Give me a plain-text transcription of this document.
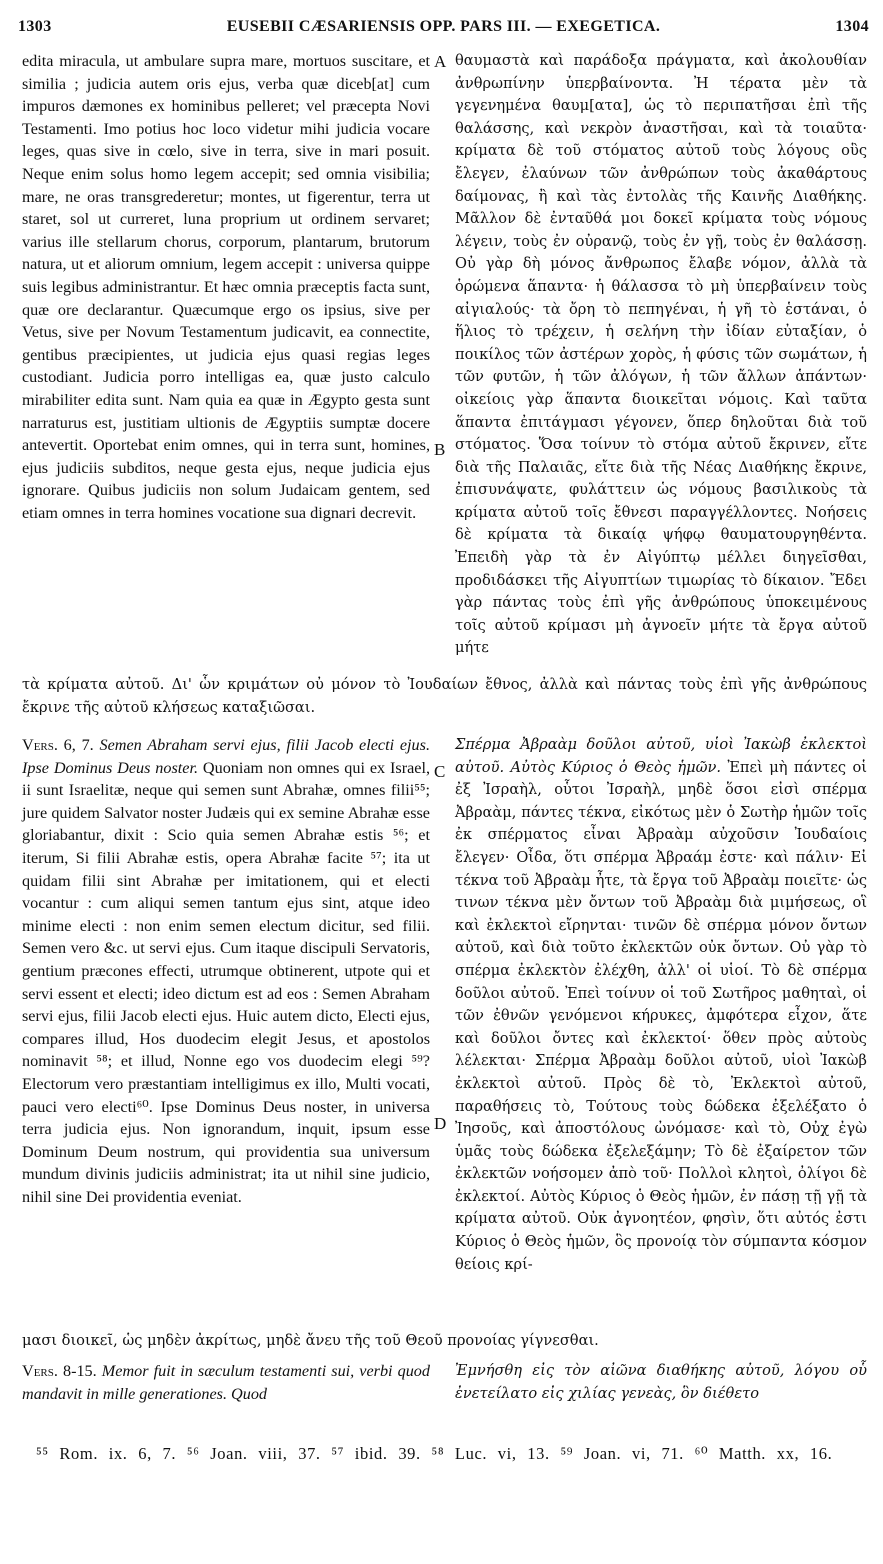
1303	EUSEBII CÆSARIENSIS OPP. PARS III. — EXEGETICA.	1304

edita miracula, ut ambulare supra mare, mortuos suscitare, et similia ; judicia autem oris ejus, verba quæ diceb[at] cum impuros dæmones ex hominibus pelleret; vel præcepta Novi Testamenti. Imo potius hoc loco videtur mihi judicia vocare leges, quas sive in cœlo, sive in terra, sive in mari posuit. Neque enim solus homo legem accepit; sed omnia visibilia; mare, ne oras transgrederetur; montes, ut figerentur, terra ut staret, sol ut curreret, luna proprium ut ordinem servaret; varius ille stellarum chorus, corporum, plantarum, brutorum natura, ut et aliorum omnium, legem accepit : universa quippe suis legibus administrantur. Et hæc omnia præceptis facta sunt, quæ ore declarantur. Quæcumque ergo os ipsius, sive per Vetus, sive per Novum Testamentum judicavit, ea connectite, gentibus præcipientes, ut judicia ejus quasi regias leges custodiant. Judicia porro intelligas ea, quæ justo calculo mirabiliter edita sunt. Nam quia ea quæ in Ægypto gesta sunt narraturus est, justitiam ultionis de Ægyptiis sumptæ docere antevertit. Oportebat enim omnes, qui in terra sunt, homines, ejus judiciis subditos, neque gesta ejus, neque judicia ejus ignorare. Quibus judiciis non solum Judaicam gentem, sed etiam omnes in terra homines vocatione sua dignari decrevit.

θαυμαστὰ καὶ παράδοξα πράγματα, καὶ ἀκολουθίαν ἀνθρωπίνην ὑπερβαίνοντα. Ἠ τέρατα μὲν τὰ γεγενημένα θαυμ[ατα], ὡς τὸ περιπατῆσαι ἐπὶ τῆς θαλάσσης, καὶ νεκρὸν ἀναστῆσαι, καὶ τὰ τοιαῦτα· κρίματα δὲ τοῦ στόματος αὐτοῦ τοὺς λόγους οὓς ἔλεγεν, ἐλαύνων τῶν ἀνθρώπων τοὺς ἀκαθάρτους δαίμονας, ἢ καὶ τὰς ἐντολὰς τῆς Καινῆς Διαθήκης. Μᾶλλον δὲ ἐνταῦθά μοι δοκεῖ κρίματα τοὺς νόμους λέγειν, τοὺς ἐν οὐρανῷ, τοὺς ἐν γῇ, τοὺς ἐν θαλάσσῃ. Οὐ γὰρ δὴ μόνος ἄνθρωπος ἔλαβε νόμον, ἀλλὰ τὰ ὁρώμενα ἅπαντα· ἡ θάλασσα τὸ μὴ ὑπερβαίνειν τοὺς αἰγιαλούς· τὰ ὄρη τὸ πεπηγέναι, ἡ γῆ τὸ ἑστάναι, ὁ ἥλιος τὸ τρέχειν, ἡ σελήνη τὴν ἰδίαν εὐταξίαν, ὁ ποικίλος τῶν ἀστέρων χορὸς, ἡ φύσις τῶν σωμάτων, ἡ τῶν φυτῶν, ἡ τῶν ἀλόγων, ἡ τῶν ἄλλων ἁπάντων· οἰκείοις γὰρ ἅπαντα διοικεῖται νόμοις. Καὶ ταῦτα ἅπαντα ἐπιτάγμασι γέγονεν, ὅπερ δηλοῦται διὰ τοῦ στόματος. Ὅσα τοίνυν τὸ στόμα αὐτοῦ ἔκρινεν, εἴτε διὰ τῆς Παλαιᾶς, εἴτε διὰ τῆς Νέας Διαθήκης ἔκρινε, ἐπισυνάψατε, φυλάττειν ὡς νόμους βασιλικοὺς τὰ κρίματα αὐτοῦ τοῖς ἔθνεσι παραγγέλλοντες. Νοήσεις δὲ κρίματα τὰ δικαίᾳ ψήφῳ θαυματουργηθέντα. Ἐπειδὴ γὰρ τὰ ἐν Αἰγύπτῳ μέλλει διηγεῖσθαι, προδιδάσκει τῆς Αἰγυπτίων τιμωρίας τὸ δίκαιον. Ἔδει γὰρ πάντας τοὺς ἐπὶ γῆς ἀνθρώπους ὑποκειμένους τοῖς αὐτοῦ κρίμασι μὴ ἀγνοεῖν μήτε τὰ ἔργα αὐτοῦ μήτε

A
B

τὰ κρίματα αὐτοῦ. Δι' ὧν κριμάτων οὐ μόνον τὸ Ἰουδαίων ἔθνος, ἀλλὰ καὶ πάντας τοὺς ἐπὶ γῆς ἀνθρώπους ἔκρινε τῆς αὐτοῦ κλήσεως καταξιῶσαι.

Vers. 6, 7. Semen Abraham servi ejus, filii Jacob electi ejus. Ipse Dominus Deus noster. Quoniam non omnes qui ex Israel, ii sunt Israelitæ, neque qui semen sunt Abrahæ, omnes filii⁵⁵; jure quidem Salvator noster Judæis qui ex semine Abrahæ esse gloriabantur, dixit : Scio quia semen Abrahæ estis ⁵⁶; et iterum, Si filii Abrahæ estis, opera Abrahæ facite ⁵⁷; ita ut quidam filii sint Abrahæ per imitationem, qui et electi vocantur : cum aliqui semen tantum ejus sint, atque ideo minime electi : non enim semen electum dicitur, sed filii. Semen vero &c. ut servi ejus. Cum itaque discipuli Servatoris, gentium præcones effecti, utrumque obtinerent, utpote qui et servi essent et electi; ideo dictum est ad eos : Semen Abraham servi ejus, filii Jacob electi ejus. Huic autem dicto, Electi ejus, compares illud, Hos duodecim elegit Jesus, et apostolos nominavit ⁵⁸; et illud, Nonne ego vos duodecim elegi ⁵⁹? Electorum vero præstantiam intelligimus ex illo, Multi vocati, pauci vero electi⁶⁰. Ipse Dominus Deus noster, in universa terra judicia ejus. Non ignorandum, inquit, ipsum esse Dominum Deum nostrum, qui providentia sua universum mundum divinis judiciis administrat; ita ut nihil sine judicio, nihil sine Dei providentia eveniat.

Σπέρμα Ἀβραὰμ δοῦλοι αὐτοῦ, υἱοὶ Ἰακὼβ ἐκλεκτοὶ αὐτοῦ. Αὐτὸς Κύριος ὁ Θεὸς ἡμῶν. Ἐπεὶ μὴ πάντες οἱ ἐξ Ἰσραὴλ, οὗτοι Ἰσραὴλ, μηδὲ ὅσοι εἰσὶ σπέρμα Ἀβραὰμ, πάντες τέκνα, εἰκότως μὲν ὁ Σωτὴρ ἡμῶν τοῖς ἐκ σπέρματος εἶναι Ἀβραὰμ αὐχοῦσιν Ἰουδαίοις ἔλεγεν· Οἶδα, ὅτι σπέρμα Ἀβραάμ ἐστε· καὶ πάλιν· Εἰ τέκνα τοῦ Ἀβραὰμ ἦτε, τὰ ἔργα τοῦ Ἀβραὰμ ποιεῖτε· ὡς τινων τέκνα μὲν ὄντων τοῦ Ἀβραὰμ διὰ μιμήσεως, οἳ καὶ ἐκλεκτοὶ εἴρηνται· τινῶν δὲ σπέρμα μόνον ὄντων αὐτοῦ, καὶ διὰ τοῦτο ἐκλεκτῶν οὐκ ὄντων. Οὐ γὰρ τὸ σπέρμα ἐκλεκτὸν ἐλέχθη, ἀλλ' οἱ υἱοί. Τὸ δὲ σπέρμα δοῦλοι αὐτοῦ. Ἐπεὶ τοίνυν οἱ τοῦ Σωτῆρος μαθηταὶ, οἱ τῶν ἐθνῶν γενόμενοι κήρυκες, ἀμφότερα εἶχον, ἅτε καὶ δοῦλοι ὄντες καὶ ἐκλεκτοί· ὅθεν πρὸς αὐτοὺς λέλεκται· Σπέρμα Ἀβραὰμ δοῦλοι αὐτοῦ, υἱοὶ Ἰακὼβ ἐκλεκτοὶ αὐτοῦ. Πρὸς δὲ τὸ, Ἐκλεκτοὶ αὐτοῦ, παραθήσεις τὸ, Τούτους τοὺς δώδεκα ἐξελέξατο ὁ Ἰησοῦς, καὶ ἀποστόλους ὠνόμασε· καὶ τὸ, Οὐχ ἐγὼ ὑμᾶς τοὺς δώδεκα ἐξελεξάμην; Τὸ δὲ ἐξαίρετον τῶν ἐκλεκτῶν νοήσομεν ἀπὸ τοῦ· Πολλοὶ κλητοὶ, ὀλίγοι δὲ ἐκλεκτοί. Αὐτὸς Κύριος ὁ Θεὸς ἡμῶν, ἐν πάσῃ τῇ γῇ τὰ κρίματα αὐτοῦ. Οὐκ ἀγνοητέον, φησὶν, ὅτι αὐτός ἐστι Κύριος ὁ Θεὸς ἡμῶν, ὃς προνοίᾳ τὸν σύμπαντα κόσμον θείοις κρί-

C
D

μασι διοικεῖ, ὡς μηδὲν ἀκρίτως, μηδὲ ἄνευ τῆς τοῦ Θεοῦ προνοίας γίγνεσθαι.

Vers. 8-15. Memor fuit in sæculum testamenti sui, verbi quod mandavit in mille generationes. Quod

Ἐμνήσθη εἰς τὸν αἰῶνα διαθήκης αὐτοῦ, λόγου οὗ ἐνετείλατο εἰς χιλίας γενεὰς, ὃν διέθετο

⁵⁵ Rom. ix. 6, 7. ⁵⁶ Joan. viii, 37. ⁵⁷ ibid. 39. ⁵⁸ Luc. vi, 13. ⁵⁹ Joan. vi, 71. ⁶⁰ Matth. xx, 16.
